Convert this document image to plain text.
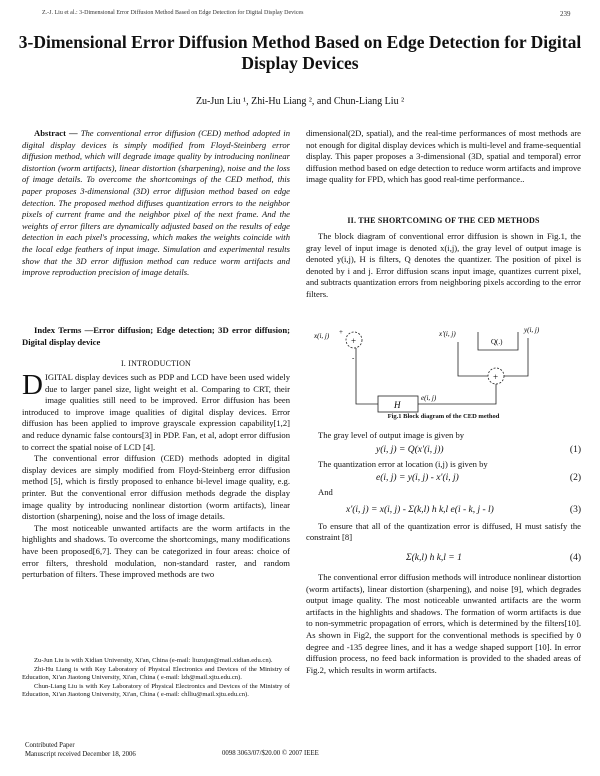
Z.-J. Liu et al.: 3-Dimensional Error Diffusion Method Based on Edge Detection for Digital Display Devices	239
3-Dimensional Error Diffusion Method Based on Edge Detection for Digital Display Devices
Zu-Jun Liu ¹, Zhi-Hu Liang ², and Chun-Liang Liu ²
Abstract — The conventional error diffusion (CED) method adopted in digital display devices is simply modified from Floyd-Steinberg error diffusion method, which will degrade image quality by introducing nonlinear distortion (worm artifacts), linear distortion (sharpening), noise and the loss of image details. To overcome the shortcomings of the CED method, this paper proposes 3-dimensional (3D) error diffusion method based on edge detection. The proposed method diffuses quantization errors to the neighbor pixels of current frame and the neighbor pixel of the next frame. And the weights of error filters are dynamically adjusted based on the results of edge detection in each pixel's processing, which makes the weights coincide with the local edge feathers of input image. Simulation and experimental results show that the 3D error diffusion method can reduce worm artifacts and improve reproduction precision of image details.
Index Terms —Error diffusion; Edge detection; 3D error diffusion; Digital display device
I. INTRODUCTION

DIGITAL display devices such as PDP and LCD have been used widely due to larger panel size, light weight et al. Comparing to CRT, their image qualities still need to be improved. Error diffusion has been introduced to improve image qualities of digital display devices. Error diffusion has been applied to improve grayscale expression capability[1,2] and reduce dynamic false contours[3] in PDP. Fan, et al, adopt error diffusion to correct the spatial noise of LCD [4].

The conventional error diffusion (CED) methods adopted in digital display devices are simply modified from Floyd-Steinberg error diffusion method [5], which is firstly proposed to enhance bi-level image quality, e.g. printer. But the conventional error diffusion methods degrade the display image quality by introducing nonlinear distortion (worm artifacts), linear distortion (sharpening), noise and the loss of image details.

The most noticeable unwanted artifacts are the worm artifacts in the highlights and shadows. To overcome the shortcomings, many modifications have been proposed[6,7]. They can be categorized in four areas: choice of error filters, threshold modulation, non-standard raster, and random perturbation of filters. These improved methods are two

Zu-Jun Liu is with Xidian University, Xi'an, China (e-mail: liuzujun@mail.xidian.edu.cn).

Zhi-Hu Liang is with Key Laboratory of Physical Electronics and Devices of the Ministry of Education, Xi'an Jiaotong University, Xi'an, China ( e-mail: lzh@mail.xjtu.edu.cn).

Chun-Liang Liu is with Key Laboratory of Physical Electronics and Devices of the Ministry of Education, Xi'an Jiaotong University, Xi'an, China ( e-mail: chlliu@mail.xjtu.edu.cn).

Contributed Paper
Manuscript received December 18, 2006	0098 3063/07/$20.00 © 2007 IEEE
dimensional(2D, spatial), and the real-time performances of most methods are not enough for digital display devices which is multi-level and frame-sequential display. This paper proposes a 3-dimensional (3D, spatial and temporal) error diffusion method based on edge detection to reduce worm artifacts and improve image quality for FPD, which has good real-time performance..
II. THE SHORTCOMING OF THE CED METHODS
The block diagram of conventional error diffusion is shown in Fig.1, the gray level of input image is denoted x(i,j), the gray level of output image is denoted y(i,j), H is filters, Q denotes the quantizer. The position of pixel is denoted by i and j. Error diffusion scans input image, quantizes current pixel, and subtracts quantization errors from neighboring pixels according to the error filters.
x(i, j) +
+
-
x'(i, j)
Q(.)
y(i, j)
+
e(i, j)
H
Fig.1 Block diagram of the CED method

The gray level of output image is given by

y(i, j) = Q(x'(i, j))	(1)

The quantization error at location (i,j) is given by

e(i, j) = y(i, j) - x'(i, j)	(2)

And

x'(i, j) = x(i, j) - Σ(k,l) h k,l e(i - k, j - l)	(3)

To ensure that all of the quantization error is diffused, H must satisfy the constraint [8]

Σ(k,l) h k,l = 1	(4)

The conventional error diffusion methods will introduce nonlinear distortion (worm artifacts), linear distortion (sharpening), and noise [9], which degrades output image quality. The most noticeable unwanted artifacts are the worm artifacts in the highlights and shadows. The formation of worm artifacts is due to non-symmetric propagation of errors, which is determined by the filters[10]. As shown in Fig2, the support for the conventional methods is specified by 0 degree and -135 degree lines, and it has a wedge shaped support [10]. In error diffusion process, no feed back information is provided to the shaded areas of Fig.2, which results in worm artifacts.
